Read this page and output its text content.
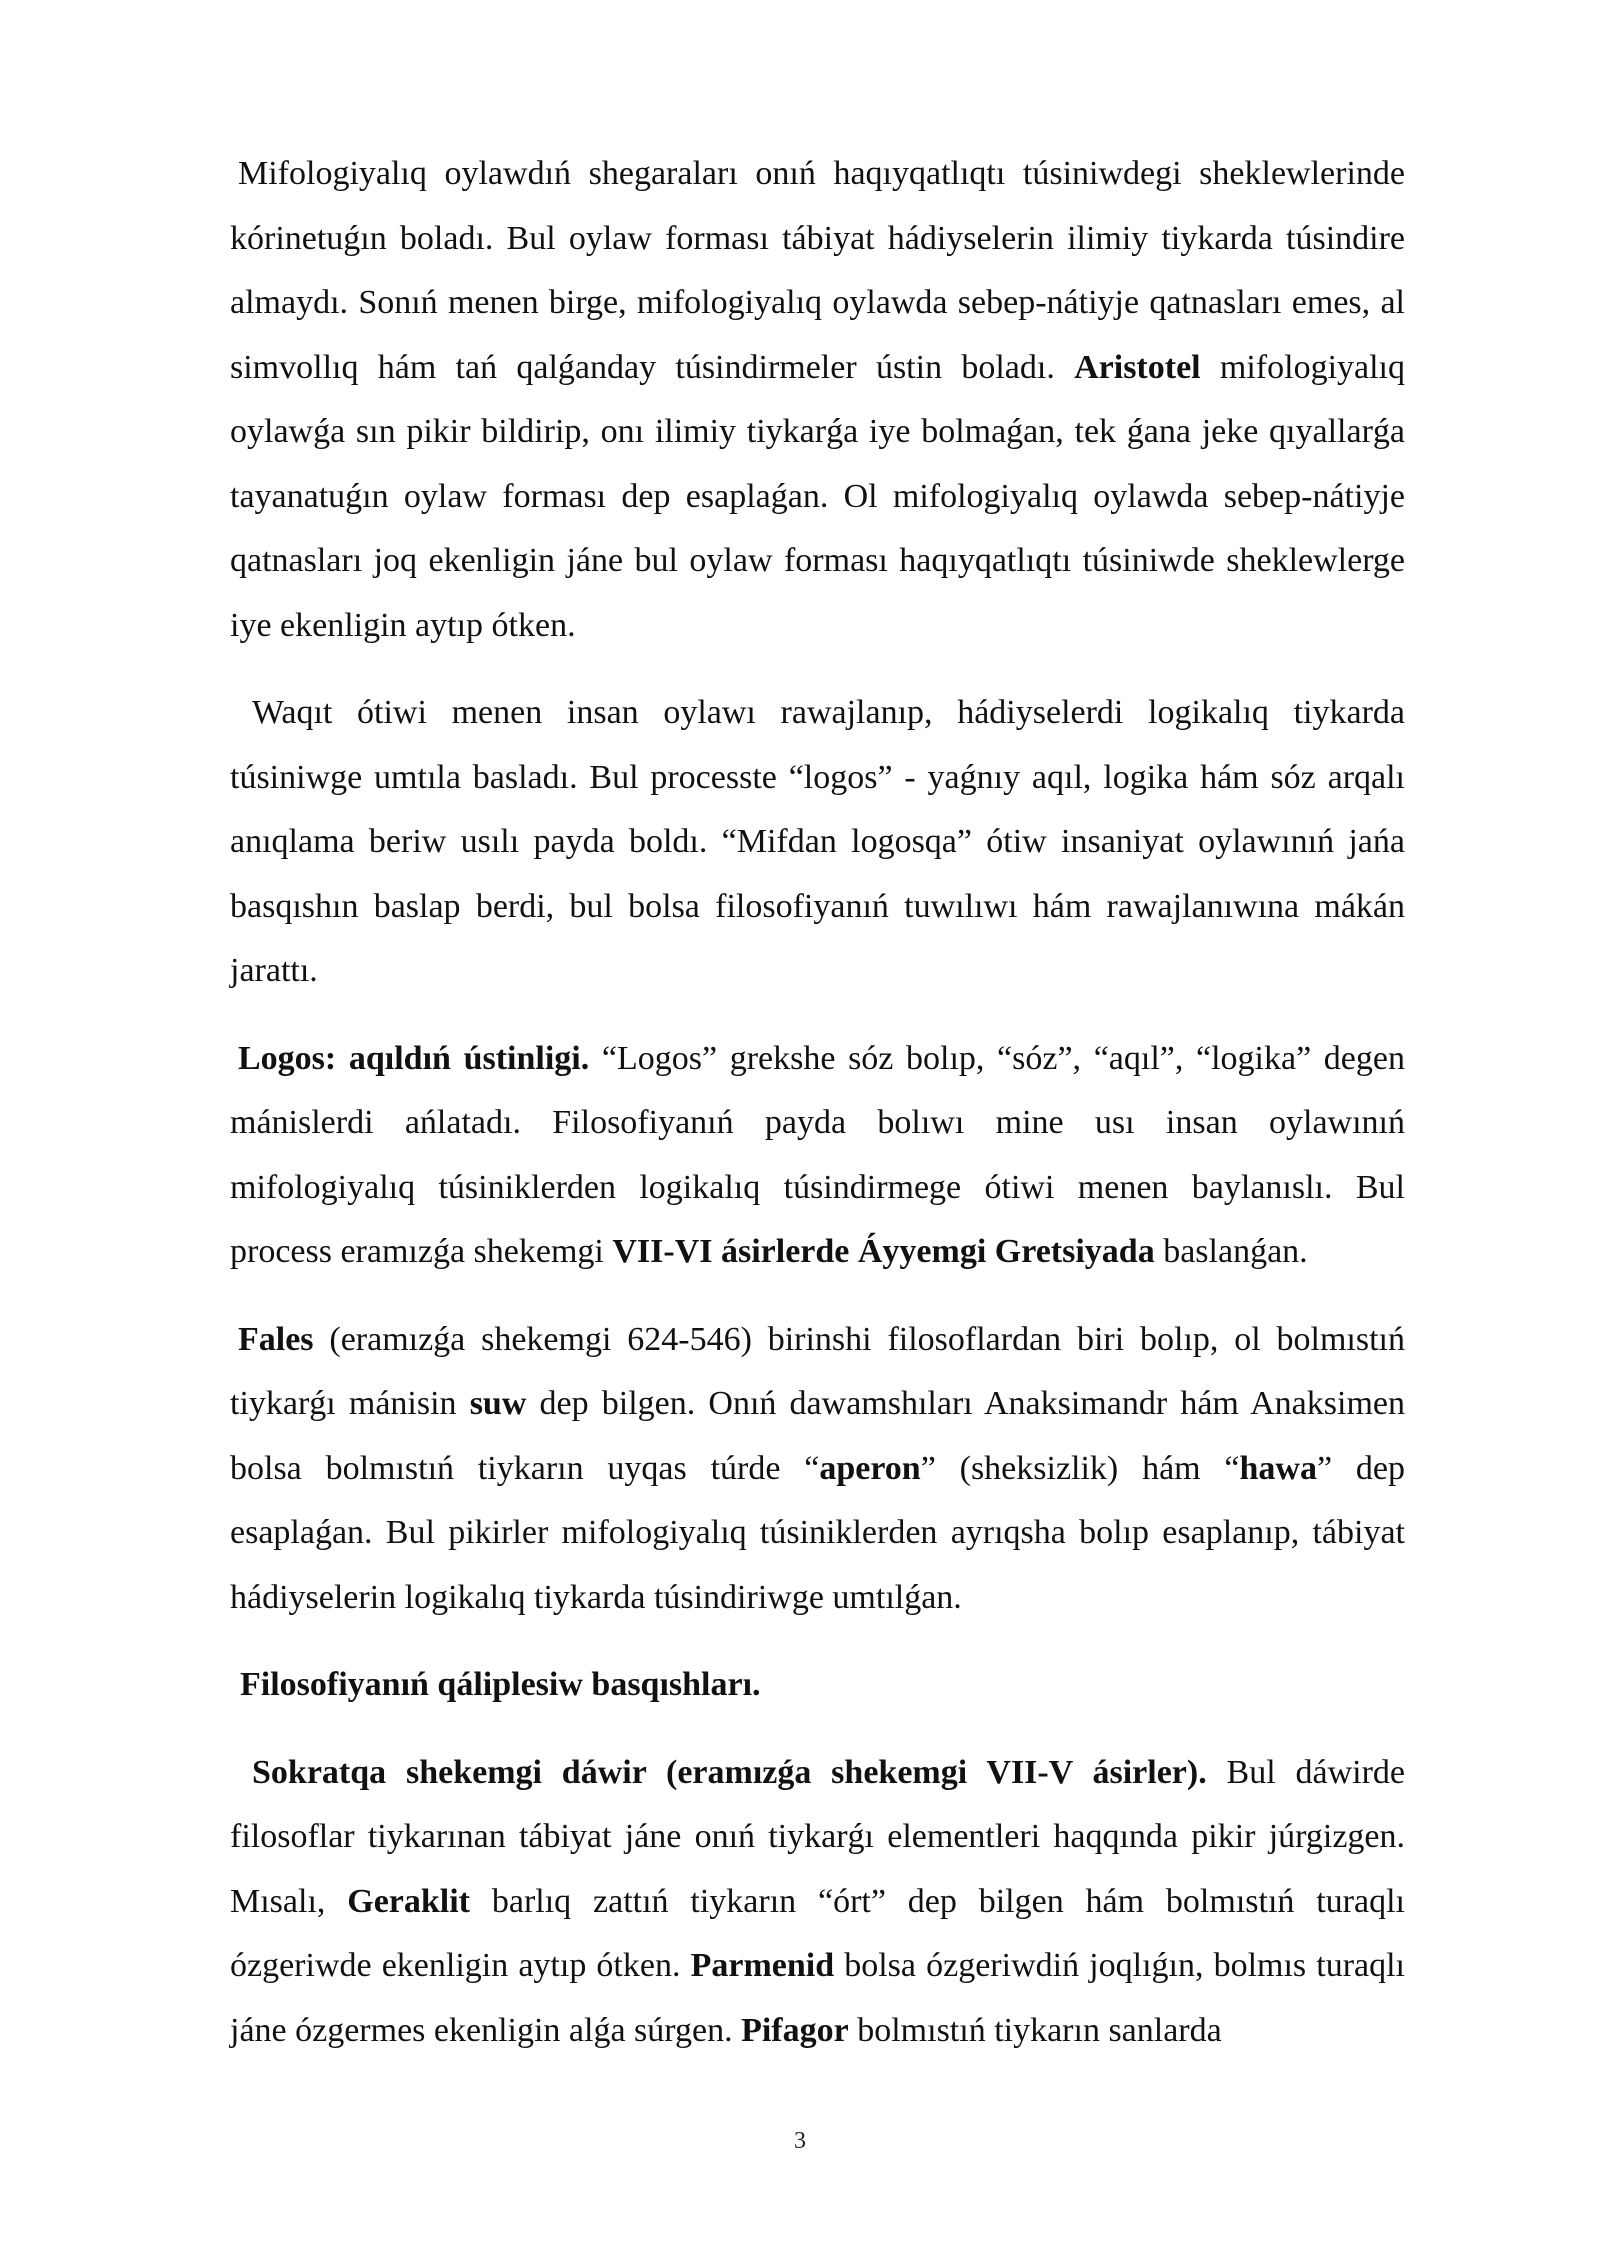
Mifologiyalıq oylawdıń shegaraları onıń haqıyqatlıqtı túsiniwdegi sheklewlerinde kórinetuǵın boladı. Bul oylaw forması tábiyat hádiyselerin ilimiy tiykarda túsindire almaydı. Sonıń menen birge, mifologiyalıq oylawda sebep-nátiyje qatnasları emes, al simvollıq hám tań qalǵanday túsindirmeler ústin boladı. Aristotel mifologiyalıq oylawǵa sın pikir bildirip, onı ilimiy tiykarǵa iye bolmaǵan, tek ǵana jeke qıyallarǵa tayanatuǵın oylaw forması dep esaplaǵan. Ol mifologiyalıq oylawda sebep-nátiyje qatnasları joq ekenligin jáne bul oylaw forması haqıyqatlıqtı túsiniwde sheklewlerge iye ekenligin aytıp ótken.

Waqıt ótiwi menen insan oylawı rawajlanıp, hádiyselerdi logikalıq tiykarda túsiniwge umtıla basladı. Bul processte “logos” - yaǵnıy aqıl, logika hám sóz arqalı anıqlama beriw usılı payda boldı. “Mifdan logosqa” ótiw insaniyat oylawınıń jańa basqıshın baslap berdi, bul bolsa filosofiyanıń tuwılıwı hám rawajlanıwına mákán jarattı.

Logos: aqıldıń ústinligi. “Logos” grekshe sóz bolıp, “sóz”, “aqıl”, “logika” degen mánislerdi ańlatadı. Filosofiyanıń payda bolıwı mine usı insan oylawınıń mifologiyalıq túsiniklerden logikalıq túsindirmege ótiwi menen baylanıslı. Bul process eramızǵa shekemgi VII-VI ásirlerde Áyyemgi Gretsiyada baslanǵan.

Fales (eramızǵa shekemgi 624-546) birinshi filosoflardan biri bolıp, ol bolmıstıń tiykarǵı mánisin suw dep bilgen. Onıń dawamshıları Anaksimandr hám Anaksimen bolsa bolmıstıń tiykarın uyqas túrde “aperon” (sheksizlik) hám “hawa” dep esaplaǵan. Bul pikirler mifologiyalıq túsiniklerden ayrıqsha bolıp esaplanıp, tábiyat hádiyselerin logikalıq tiykarda túsindiriwge umtılǵan.

Filosofiyanıń qáliplesiw basqıshları.

Sokratqa shekemgi dáwir (eramızǵa shekemgi VII-V ásirler). Bul dáwirde filosoflar tiykarınan tábiyat jáne onıń tiykarǵı elementleri haqqında pikir júrgizgen. Mısalı, Geraklit barlıq zattıń tiykarın “órt” dep bilgen hám bolmıstıń turaqlı ózgeriwde ekenligin aytıp ótken. Parmenid bolsa ózgeriwdiń joqlıǵın, bolmıs turaqlı jáne ózgermes ekenligin alǵa súrgen. Pifagor bolmıstıń tiykarın sanlarda

3
